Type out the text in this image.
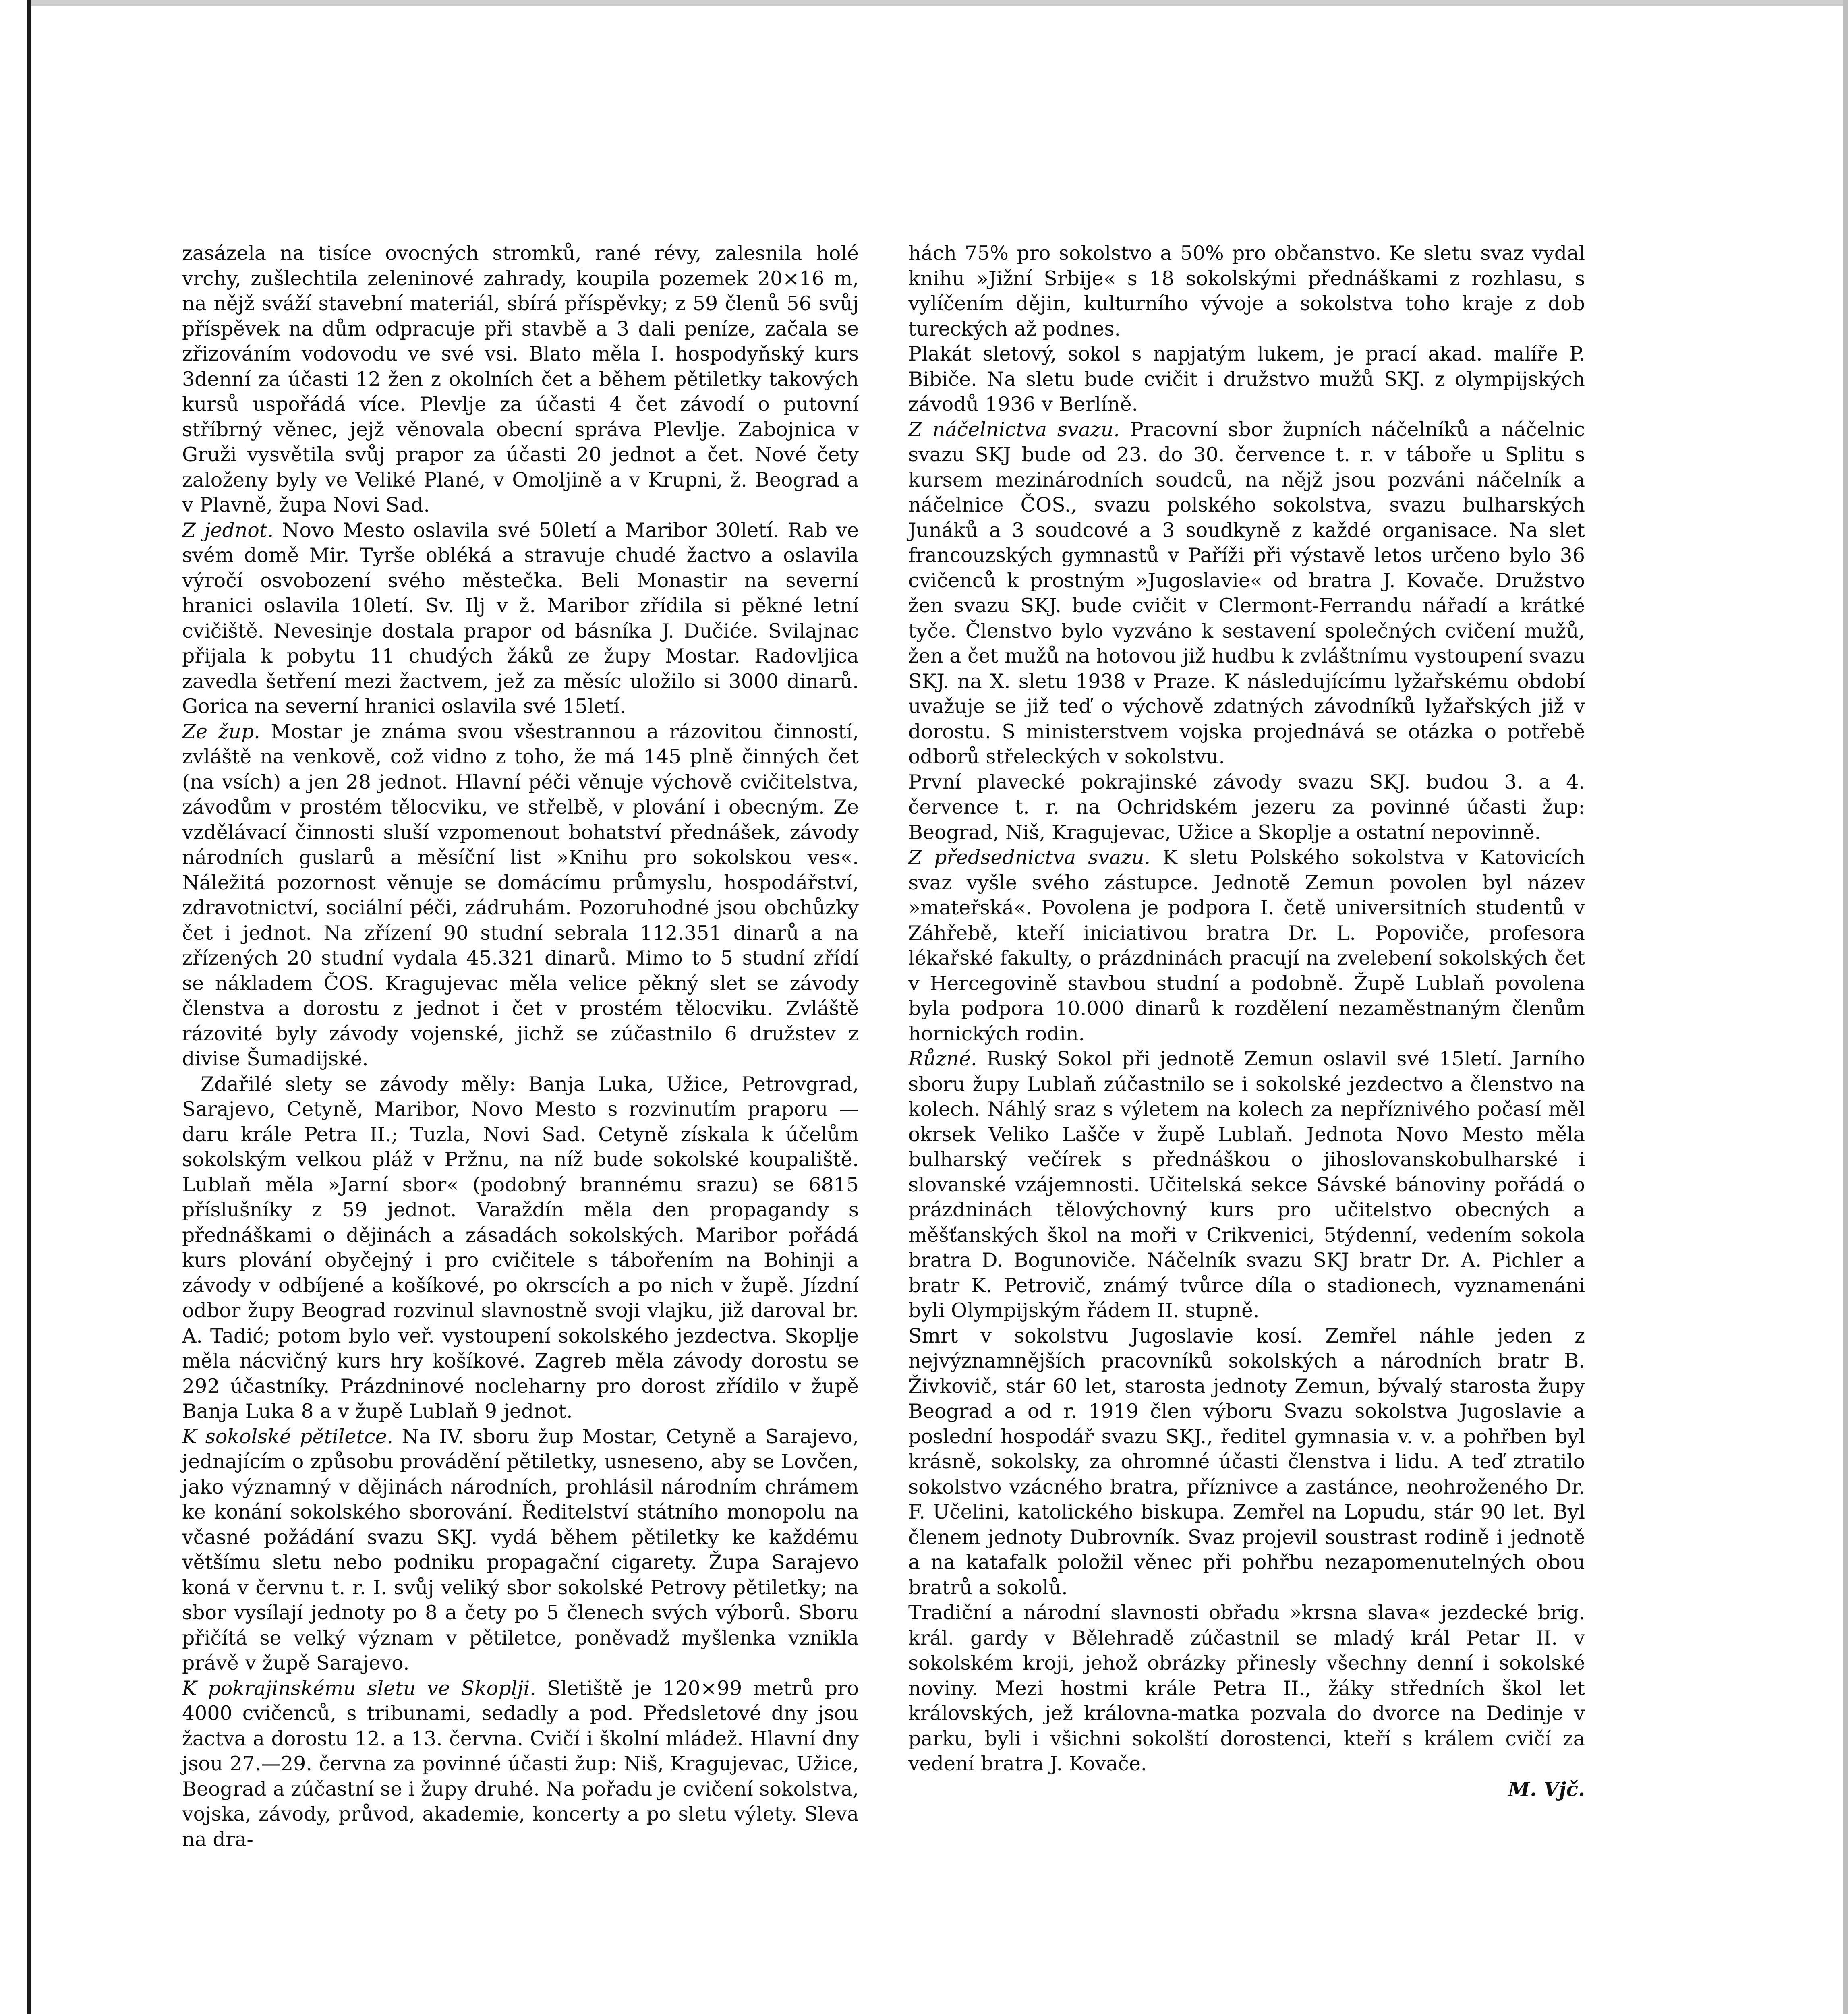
zasázela na tisíce ovocných stromků, rané révy, zalesnila holé vrchy, zušlechtila zeleninové zahrady, koupila pozemek 20×16 m, na nějž sváží stavební materiál, sbírá příspěvky; z 59 členů 56 svůj příspěvek na dům odpracuje při stavbě a 3 dali peníze, začala se zřizováním vodovodu ve své vsi. Blato měla I. hospodyňský kurs 3denní za účasti 12 žen z okolních čet a během pětiletky takových kursů uspořádá více. Plevlje za účasti 4 čet závodí o putovní stříbrný věnec, jejž věnovala obecní správa Plevlje. Zabojnica v Gruži vysvětila svůj prapor za účasti 20 jednot a čet. Nové čety založeny byly ve Veliké Plané, v Omoljině a v Krupni, ž. Beograd a v Plavně, župa Novi Sad.

Z jednot. Novo Mesto oslavila své 50letí a Maribor 30letí. Rab ve svém domě Mir. Tyrše obléká a stravuje chudé žactvo a oslavila výročí osvobození svého městečka. Beli Monastir na severní hranici oslavila 10letí. Sv. Ilj v ž. Maribor zřídila si pěkné letní cvičiště. Nevesinje dostala prapor od básníka J. Dučiće. Svilajnac přijala k pobytu 11 chudých žáků ze župy Mostar. Radovljica zavedla šetření mezi žactvem, jež za měsíc uložilo si 3000 dinarů. Gorica na severní hranici oslavila své 15letí.

Ze žup. Mostar je známa svou všestrannou a rázovitou činností, zvláště na venkově, což vidno z toho, že má 145 plně činných čet (na vsích) a jen 28 jednot. Hlavní péči věnuje výchově cvičitelstva, závodům v prostém tělocviku, ve střelbě, v plování i obecným. Ze vzdělávací činnosti sluší vzpomenout bohatství přednášek, závody národních guslarů a měsíční list »Knihu pro sokolskou ves«. Náležitá pozornost věnuje se domácímu průmyslu, hospodářství, zdravotnictví, sociální péči, zádruhám. Pozoruhodné jsou obchůzky čet i jednot. Na zřízení 90 studní sebrala 112.351 dinarů a na zřízených 20 studní vydala 45.321 dinarů. Mimo to 5 studní zřídí se nákladem ČOS. Kragujevac měla velice pěkný slet se závody členstva a dorostu z jednot i čet v prostém tělocviku. Zvláště rázovité byly závody vojenské, jichž se zúčastnilo 6 družstev z divise Šumadijské.

Zdařilé slety se závody měly: Banja Luka, Užice, Petrovgrad, Sarajevo, Cetyně, Maribor, Novo Mesto s rozvinutím praporu — daru krále Petra II.; Tuzla, Novi Sad. Cetyně získala k účelům sokolským velkou pláž v Pržnu, na níž bude sokolské koupaliště. Lublaň měla »Jarní sbor« (podobný brannému srazu) se 6815 příslušníky z 59 jednot. Varaždín měla den propagandy s přednáškami o dějinách a zásadách sokolských. Maribor pořádá kurs plování obyčejný i pro cvičitele s tábořením na Bohinji a závody v odbíjené a košíkové, po okrscích a po nich v župě. Jízdní odbor župy Beograd rozvinul slavnostně svoji vlajku, již daroval br. A. Tadić; potom bylo veř. vystoupení sokolského jezdectva. Skoplje měla nácvičný kurs hry košíkové. Zagreb měla závody dorostu se 292 účastníky. Prázdninové nocleharny pro dorost zřídilo v župě Banja Luka 8 a v župě Lublaň 9 jednot.

K sokolské pětiletce. Na IV. sboru žup Mostar, Cetyně a Sarajevo, jednajícím o způsobu provádění pětiletky, usneseno, aby se Lovčen, jako významný v dějinách národních, prohlásil národním chrámem ke konání sokolského sborování. Ředitelství státního monopolu na včasné požádání svazu SKJ. vydá během pětiletky ke každému většímu sletu nebo podniku propagační cigarety. Župa Sarajevo koná v červnu t. r. I. svůj veliký sbor sokolské Petrovy pětiletky; na sbor vysílají jednoty po 8 a čety po 5 členech svých výborů. Sboru přičítá se velký význam v pětiletce, poněvadž myšlenka vznikla právě v župě Sarajevo.

K pokrajinskému sletu ve Skoplji. Sletiště je 120×99 metrů pro 4000 cvičenců, s tribunami, sedadly a pod. Předsletové dny jsou žactva a dorostu 12. a 13. června. Cvičí i školní mládež. Hlavní dny jsou 27.—29. června za povinné účasti žup: Niš, Kragujevac, Užice, Beograd a zúčastní se i župy druhé. Na pořadu je cvičení sokolstva, vojska, závody, průvod, akademie, koncerty a po sletu výlety. Sleva na dra-

hách 75% pro sokolstvo a 50% pro občanstvo. Ke sletu svaz vydal knihu »Jižní Srbije« s 18 sokolskými přednáškami z rozhlasu, s vylíčením dějin, kulturního vývoje a sokolstva toho kraje z dob tureckých až podnes.

Plakát sletový, sokol s napjatým lukem, je prací akad. malíře P. Bibiče. Na sletu bude cvičit i družstvo mužů SKJ. z olympijských závodů 1936 v Berlíně.

Z náčelnictva svazu. Pracovní sbor župních náčelníků a náčelnic svazu SKJ bude od 23. do 30. července t. r. v táboře u Splitu s kursem mezinárodních soudců, na nějž jsou pozváni náčelník a náčelnice ČOS., svazu polského sokolstva, svazu bulharských Junáků a 3 soudcové a 3 soudkyně z každé organisace. Na slet francouzských gymnastů v Paříži při výstavě letos určeno bylo 36 cvičenců k prostným »Jugoslavie« od bratra J. Kovače. Družstvo žen svazu SKJ. bude cvičit v Clermont-Ferrandu nářadí a krátké tyče. Členstvo bylo vyzváno k sestavení společných cvičení mužů, žen a čet mužů na hotovou již hudbu k zvláštnímu vystoupení svazu SKJ. na X. sletu 1938 v Praze. K následujícímu lyžařskému období uvažuje se již teď o výchově zdatných závodníků lyžařských již v dorostu. S ministerstvem vojska projednává se otázka o potřebě odborů střeleckých v sokolstvu.

První plavecké pokrajinské závody svazu SKJ. budou 3. a 4. července t. r. na Ochridském jezeru za povinné účasti žup: Beograd, Niš, Kragujevac, Užice a Skoplje a ostatní nepovinně.

Z předsednictva svazu. K sletu Polského sokolstva v Katovicích svaz vyšle svého zástupce. Jednotě Zemun povolen byl název »mateřská«. Povolena je podpora I. četě universitních studentů v Záhřebě, kteří iniciativou bratra Dr. L. Popoviče, profesora lékařské fakulty, o prázdninách pracují na zvelebení sokolských čet v Hercegovině stavbou studní a podobně. Župě Lublaň povolena byla podpora 10.000 dinarů k rozdělení nezaměstnaným členům hornických rodin.

Různé. Ruský Sokol při jednotě Zemun oslavil své 15letí. Jarního sboru župy Lublaň zúčastnilo se i sokolské jezdectvo a členstvo na kolech. Náhlý sraz s výletem na kolech za nepříznivého počasí měl okrsek Veliko Lašče v župě Lublaň. Jednota Novo Mesto měla bulharský večírek s přednáškou o jihoslovanskobulharské i slovanské vzájemnosti. Učitelská sekce Sávské bánoviny pořádá o prázdninách tělovýchovný kurs pro učitelstvo obecných a měšťanských škol na moři v Crikvenici, 5týdenní, vedením sokola bratra D. Bogunoviče. Náčelník svazu SKJ bratr Dr. A. Pichler a bratr K. Petrovič, známý tvůrce díla o stadionech, vyznamenáni byli Olympijským řádem II. stupně.

Smrt v sokolstvu Jugoslavie kosí. Zemřel náhle jeden z nejvýznamnějších pracovníků sokolských a národních bratr B. Živkovič, stár 60 let, starosta jednoty Zemun, bývalý starosta župy Beograd a od r. 1919 člen výboru Svazu sokolstva Jugoslavie a poslední hospodář svazu SKJ., ředitel gymnasia v. v. a pohřben byl krásně, sokolsky, za ohromné účasti členstva i lidu. A teď ztratilo sokolstvo vzácného bratra, příznivce a zastánce, neohroženého Dr. F. Učelini, katolického biskupa. Zemřel na Lopudu, stár 90 let. Byl členem jednoty Dubrovník. Svaz projevil soustrast rodině i jednotě a na katafalk položil věnec při pohřbu nezapomenutelných obou bratrů a sokolů.

Tradiční a národní slavnosti obřadu »krsna slava« jezdecké brig. král. gardy v Bělehradě zúčastnil se mladý král Petar II. v sokolském kroji, jehož obrázky přinesly všechny denní i sokolské noviny. Mezi hostmi krále Petra II., žáky středních škol let královských, jež královna-matka pozvala do dvorce na Dedinje v parku, byli i všichni sokolští dorostenci, kteří s králem cvičí za vedení bratra J. Kovače.

M. Vjč.
